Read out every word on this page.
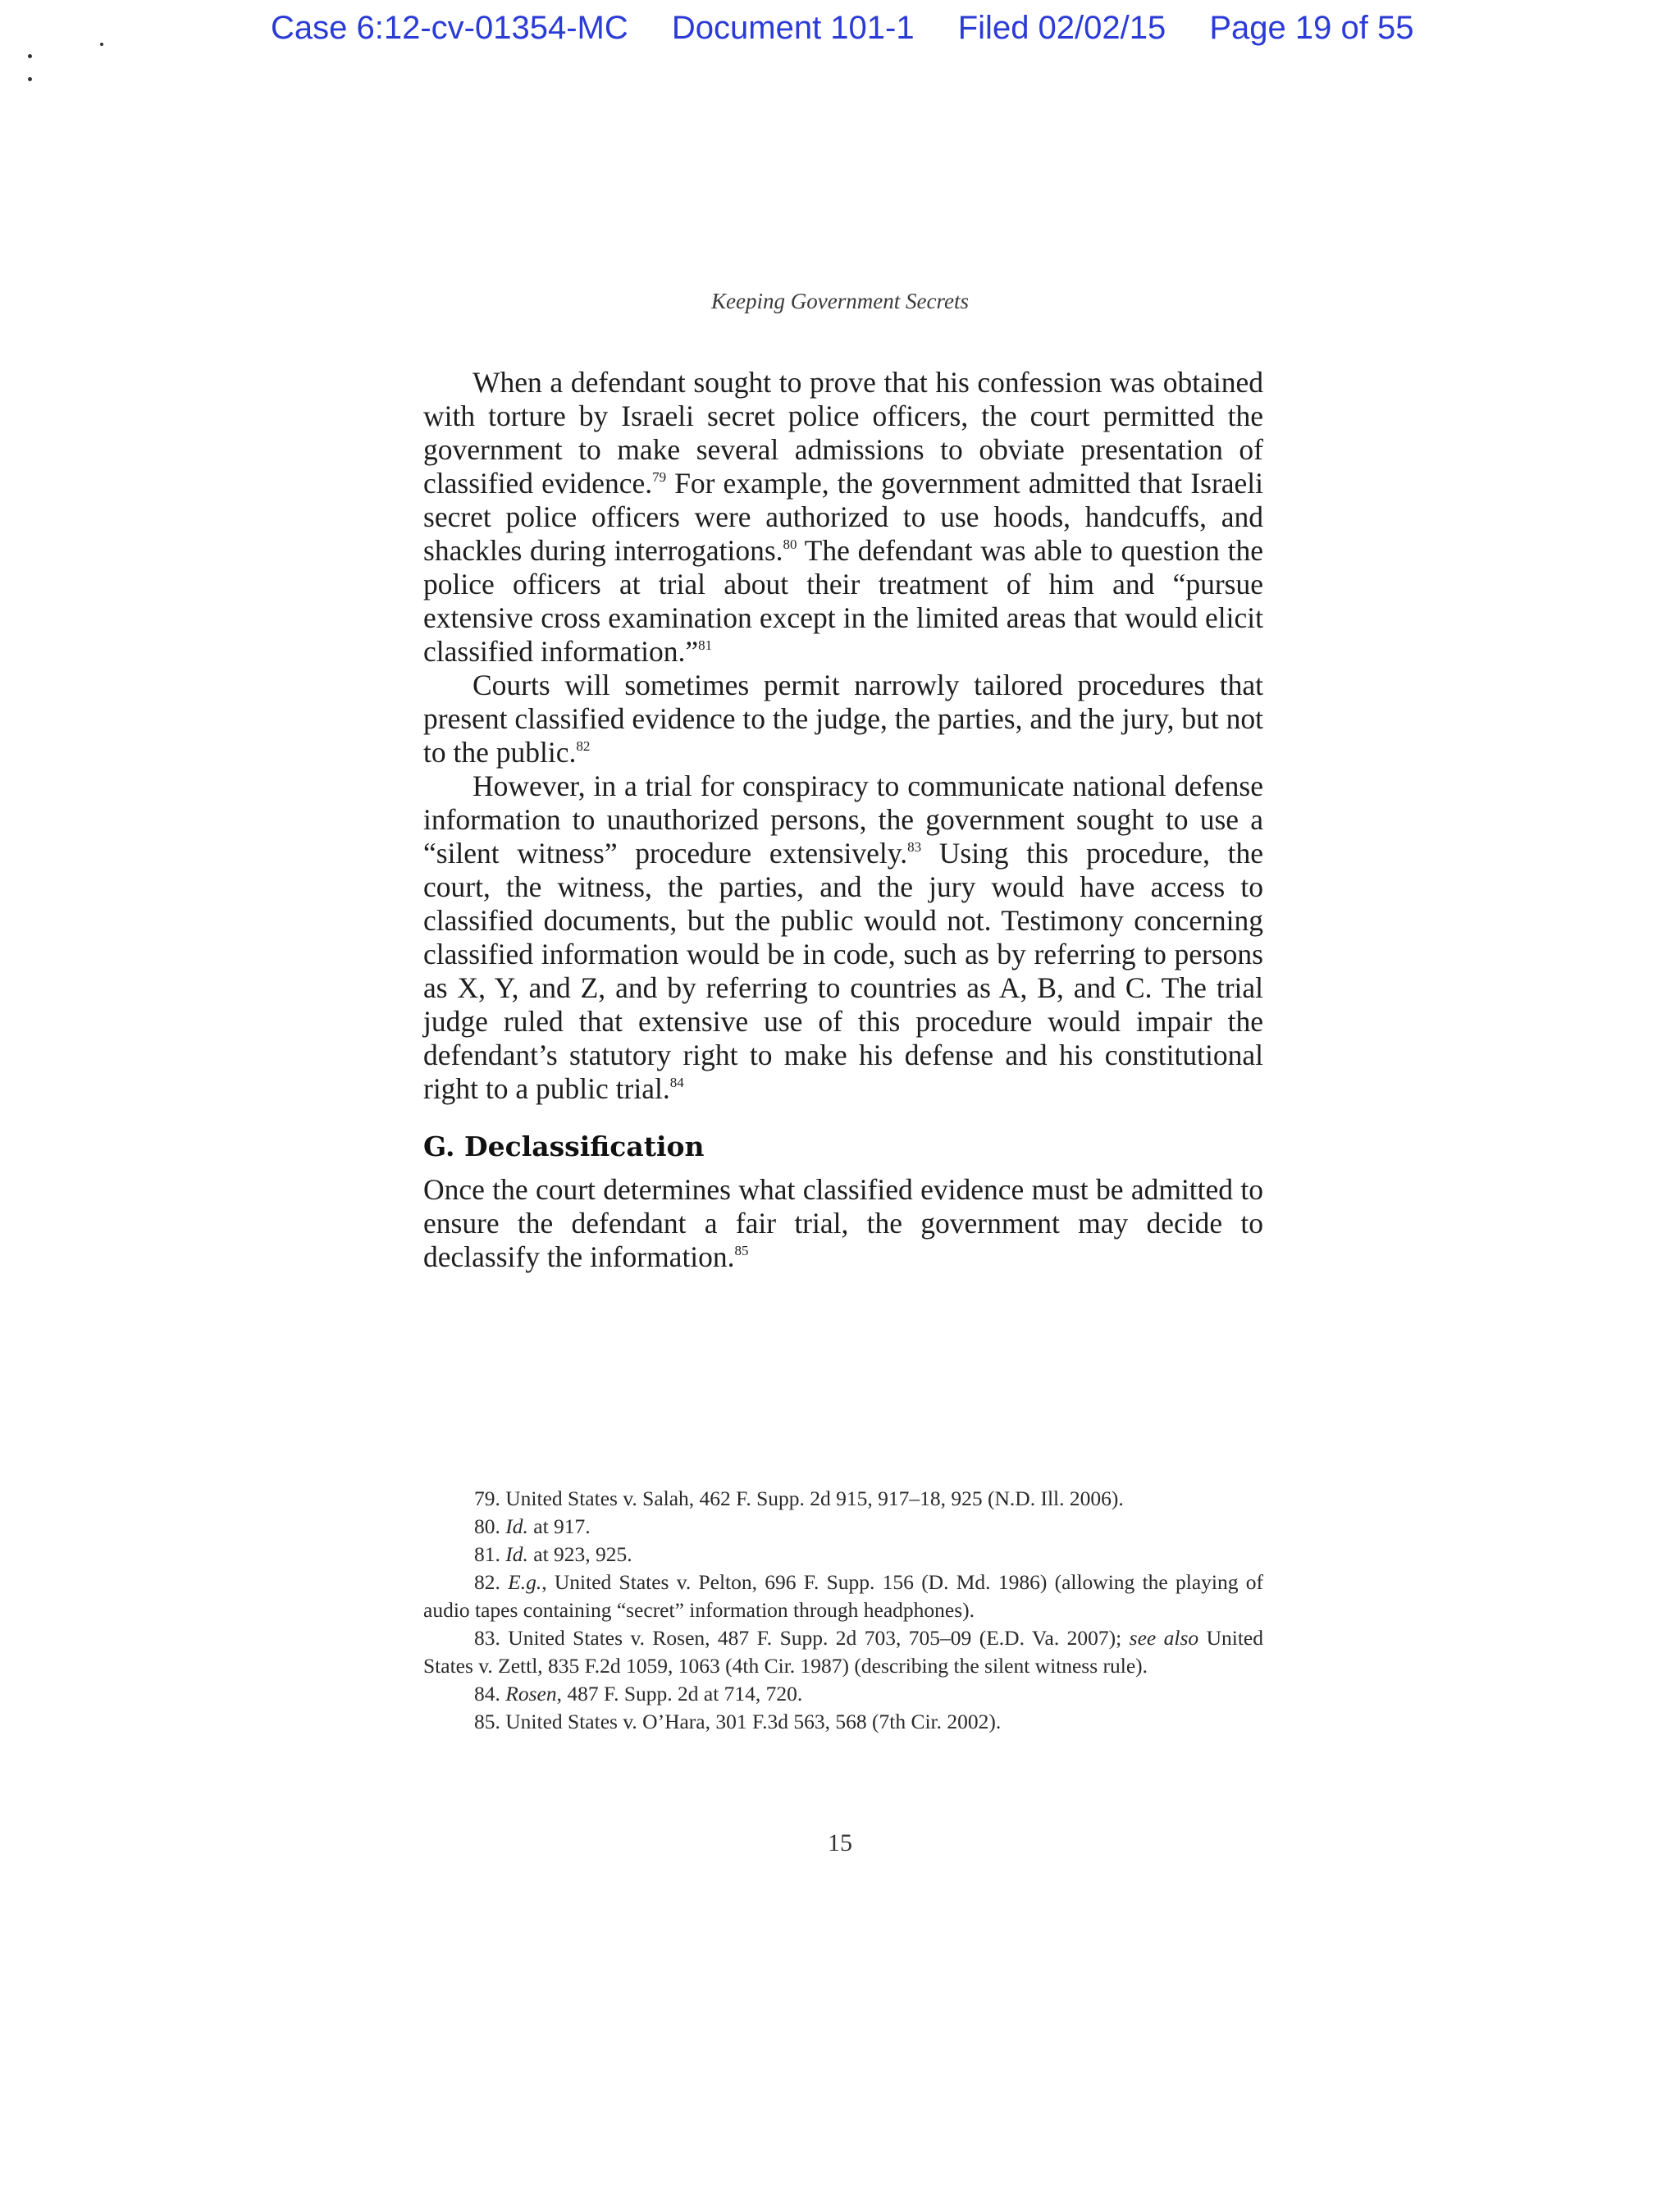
Case 6:12-cv-01354-MC Document 101-1 Filed 02/02/15 Page 19 of 55
Keeping Government Secrets

When a defendant sought to prove that his confession was obtained with torture by Israeli secret police officers, the court permitted the government to make several admissions to obviate presentation of classified evidence.$^{79}$ For example, the government admitted that Israeli secret police officers were authorized to use hoods, handcuffs, and shackles during interrogations.$^{80}$ The defendant was able to question the police officers at trial about their treatment of him and “pursue extensive cross examination except in the limited areas that would elicit classified information.”$^{81}$

Courts will sometimes permit narrowly tailored procedures that present classified evidence to the judge, the parties, and the jury, but not to the public.$^{82}$

However, in a trial for conspiracy to communicate national defense information to unauthorized persons, the government sought to use a “silent witness” procedure extensively.$^{83}$ Using this procedure, the court, the witness, the parties, and the jury would have access to classified documents, but the public would not. Testimony concerning classified information would be in code, such as by referring to persons as X, Y, and Z, and by referring to countries as A, B, and C. The trial judge ruled that extensive use of this procedure would impair the defendant’s statutory right to make his defense and his constitutional right to a public trial.$^{84}$

G. Declassification

Once the court determines what classified evidence must be admitted to ensure the defendant a fair trial, the government may decide to declassify the information.$^{85}$

79. United States v. Salah, 462 F. Supp. 2d 915, 917–18, 925 (N.D. Ill. 2006).

80. Id. at 917.

81. Id. at 923, 925.

82. E.g., United States v. Pelton, 696 F. Supp. 156 (D. Md. 1986) (allowing the playing of audio tapes containing “secret” information through headphones).

83. United States v. Rosen, 487 F. Supp. 2d 703, 705–09 (E.D. Va. 2007); see also United States v. Zettl, 835 F.2d 1059, 1063 (4th Cir. 1987) (describing the silent witness rule).

84. Rosen, 487 F. Supp. 2d at 714, 720.

85. United States v. O’Hara, 301 F.3d 563, 568 (7th Cir. 2002).

15
